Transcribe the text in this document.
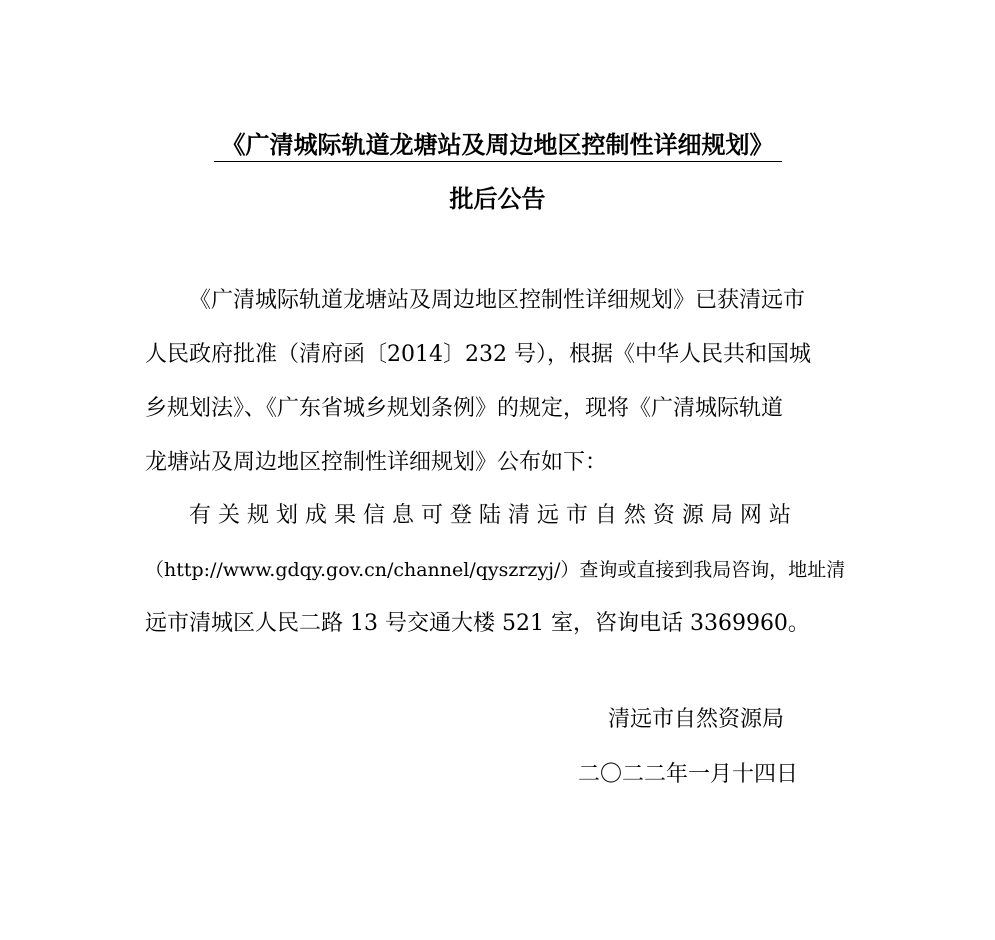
《广清城际轨道龙塘站及周边地区控制性详细规划》
批后公告
《广清城际轨道龙塘站及周边地区控制性详细规划》已获清远市
人民政府批准（清府函〔2014〕232 号），根据《中华人民共和国城
乡规划法》、《广东省城乡规划条例》的规定，现将《广清城际轨道
龙塘站及周边地区控制性详细规划》公布如下：
有 关 规 划 成 果 信 息 可 登 陆 清 远 市 自 然 资 源 局 网 站
（http://www.gdqy.gov.cn/channel/qyszrzyj/）查询或直接到我局咨询，地址清
远市清城区人民二路 13 号交通大楼 521 室，咨询电话 3369960。
清远市自然资源局
二〇二二年一月十四日
